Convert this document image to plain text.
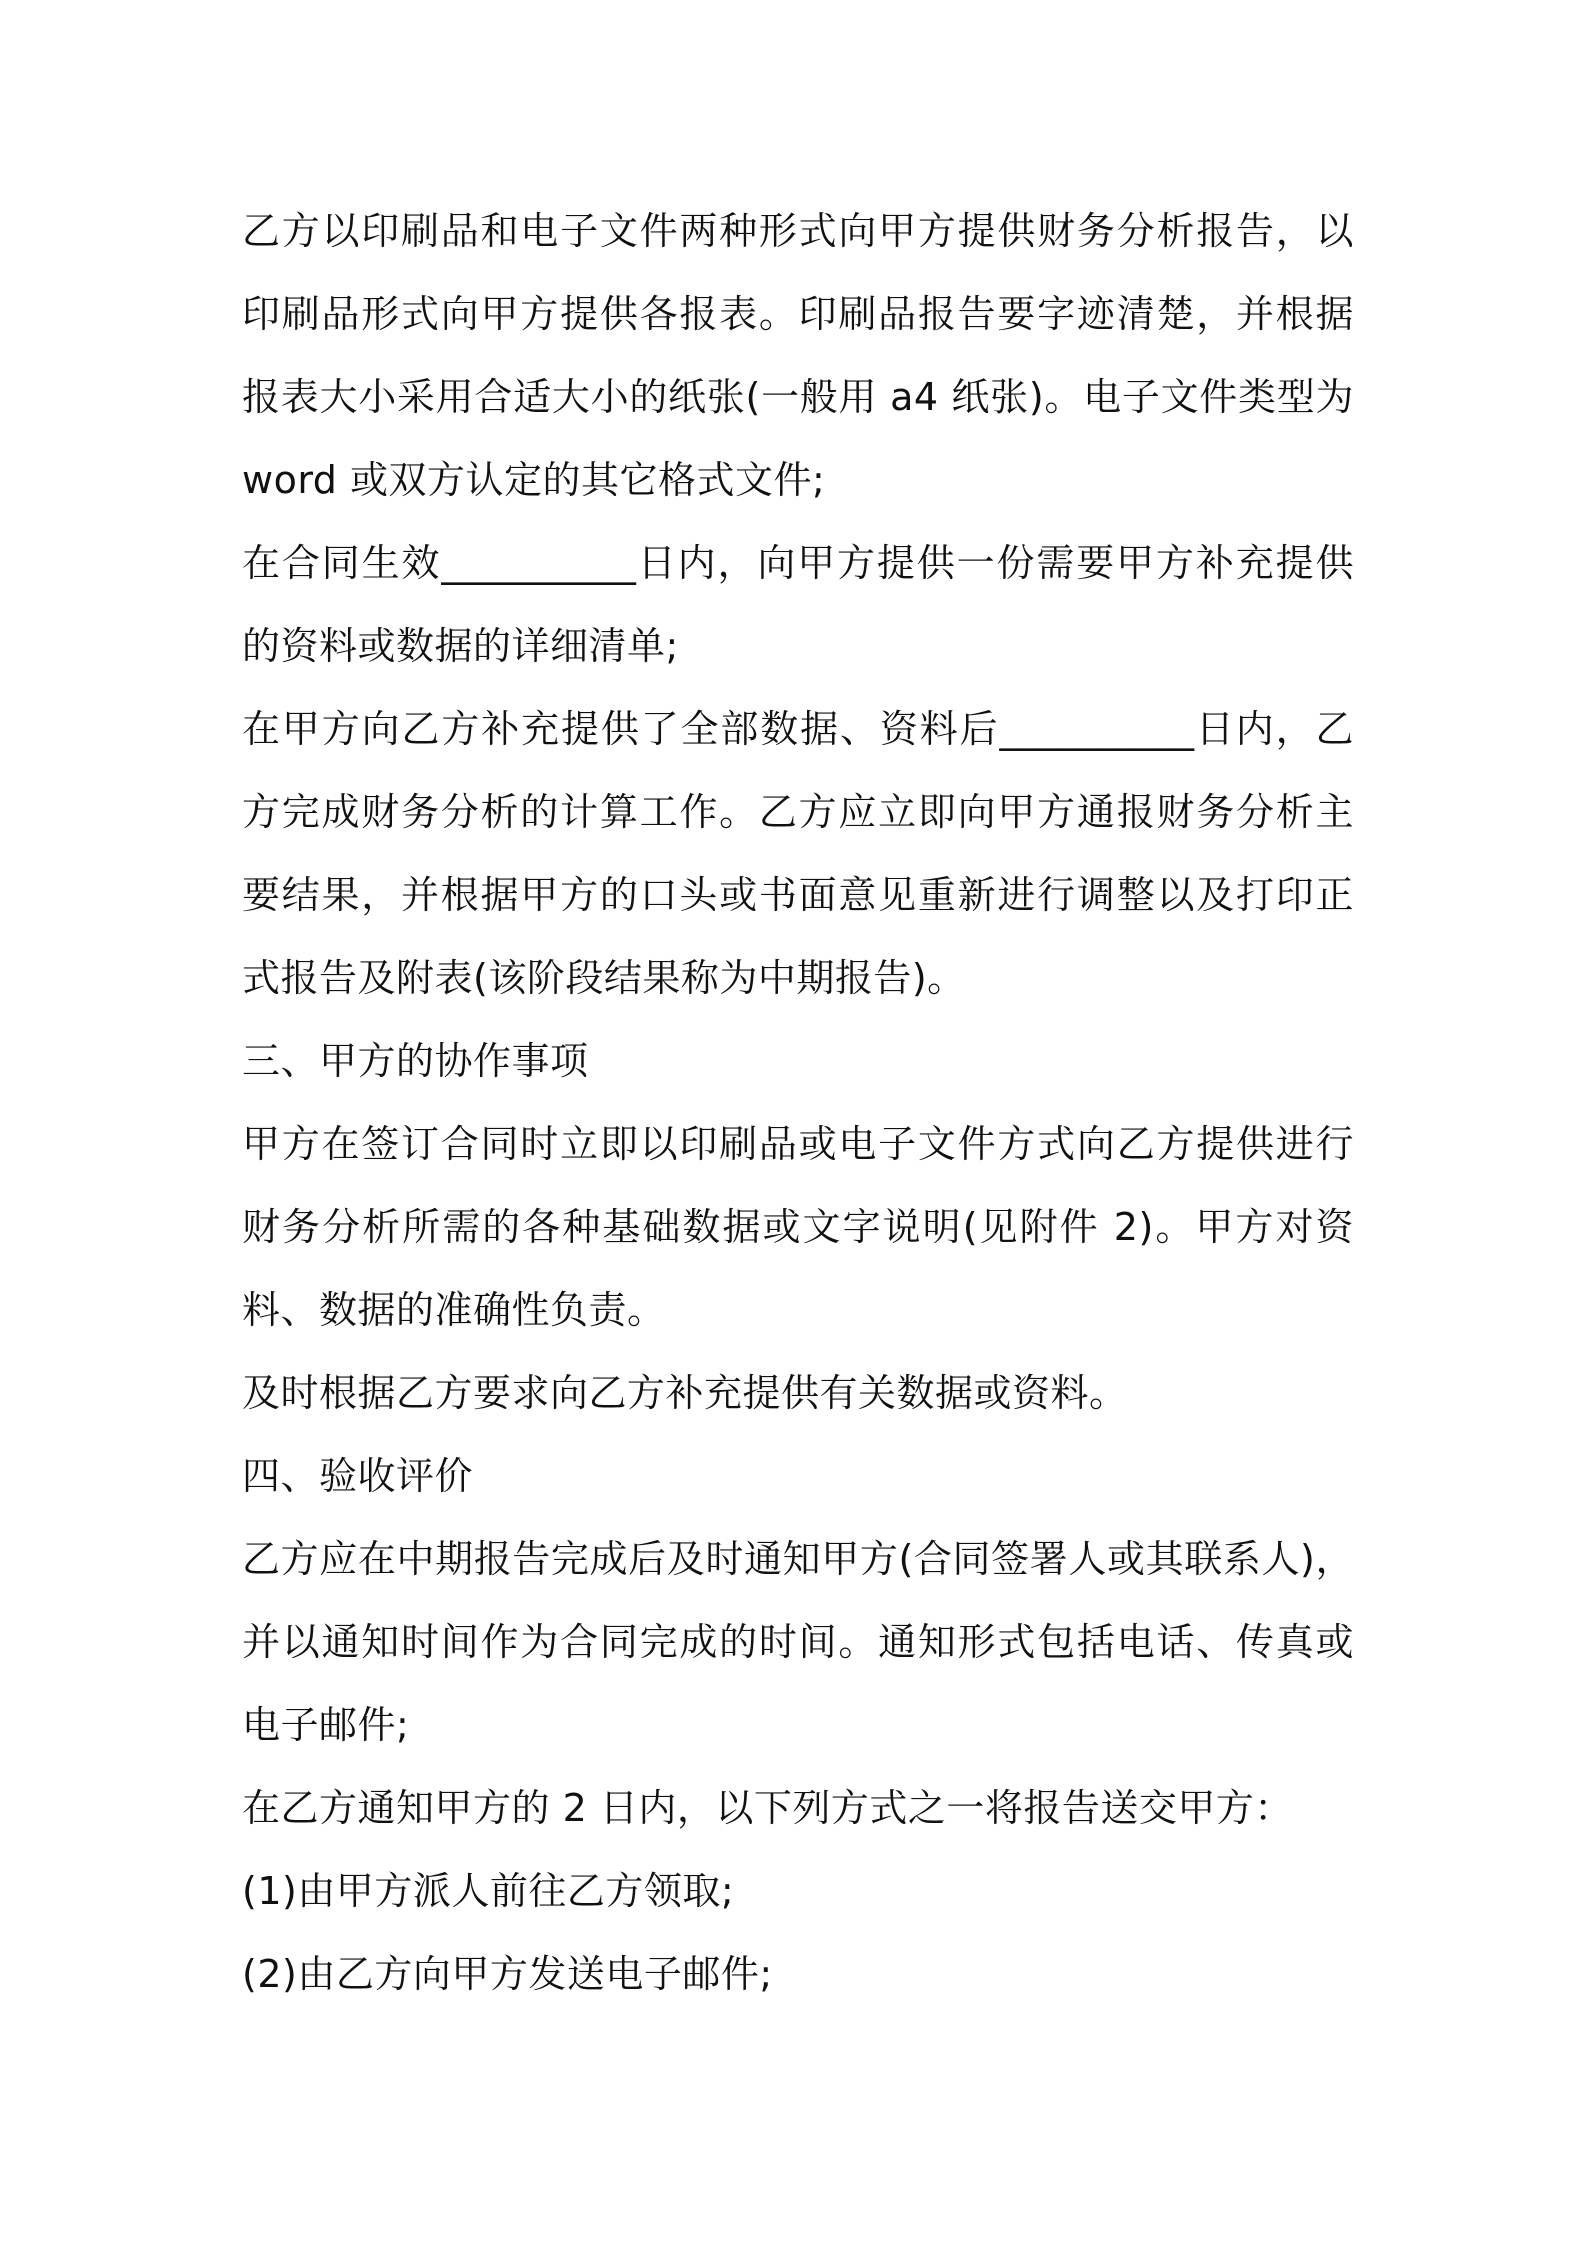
乙方以印刷品和电子文件两种形式向甲方提供财务分析报告，以印刷品形式向甲方提供各报表。印刷品报告要字迹清楚，并根据报表大小采用合适大小的纸张(一般用 a4 纸张)。电子文件类型为 word 或双方认定的其它格式文件;

在合同生效__________日内，向甲方提供一份需要甲方补充提供的资料或数据的详细清单;

在甲方向乙方补充提供了全部数据、资料后__________日内，乙方完成财务分析的计算工作。乙方应立即向甲方通报财务分析主要结果，并根据甲方的口头或书面意见重新进行调整以及打印正式报告及附表(该阶段结果称为中期报告)。

三、甲方的协作事项

甲方在签订合同时立即以印刷品或电子文件方式向乙方提供进行财务分析所需的各种基础数据或文字说明(见附件 2)。甲方对资料、数据的准确性负责。

及时根据乙方要求向乙方补充提供有关数据或资料。

四、验收评价

乙方应在中期报告完成后及时通知甲方(合同签署人或其联系人)，并以通知时间作为合同完成的时间。通知形式包括电话、传真或电子邮件;

在乙方通知甲方的 2 日内，以下列方式之一将报告送交甲方：

(1)由甲方派人前往乙方领取;

(2)由乙方向甲方发送电子邮件;
